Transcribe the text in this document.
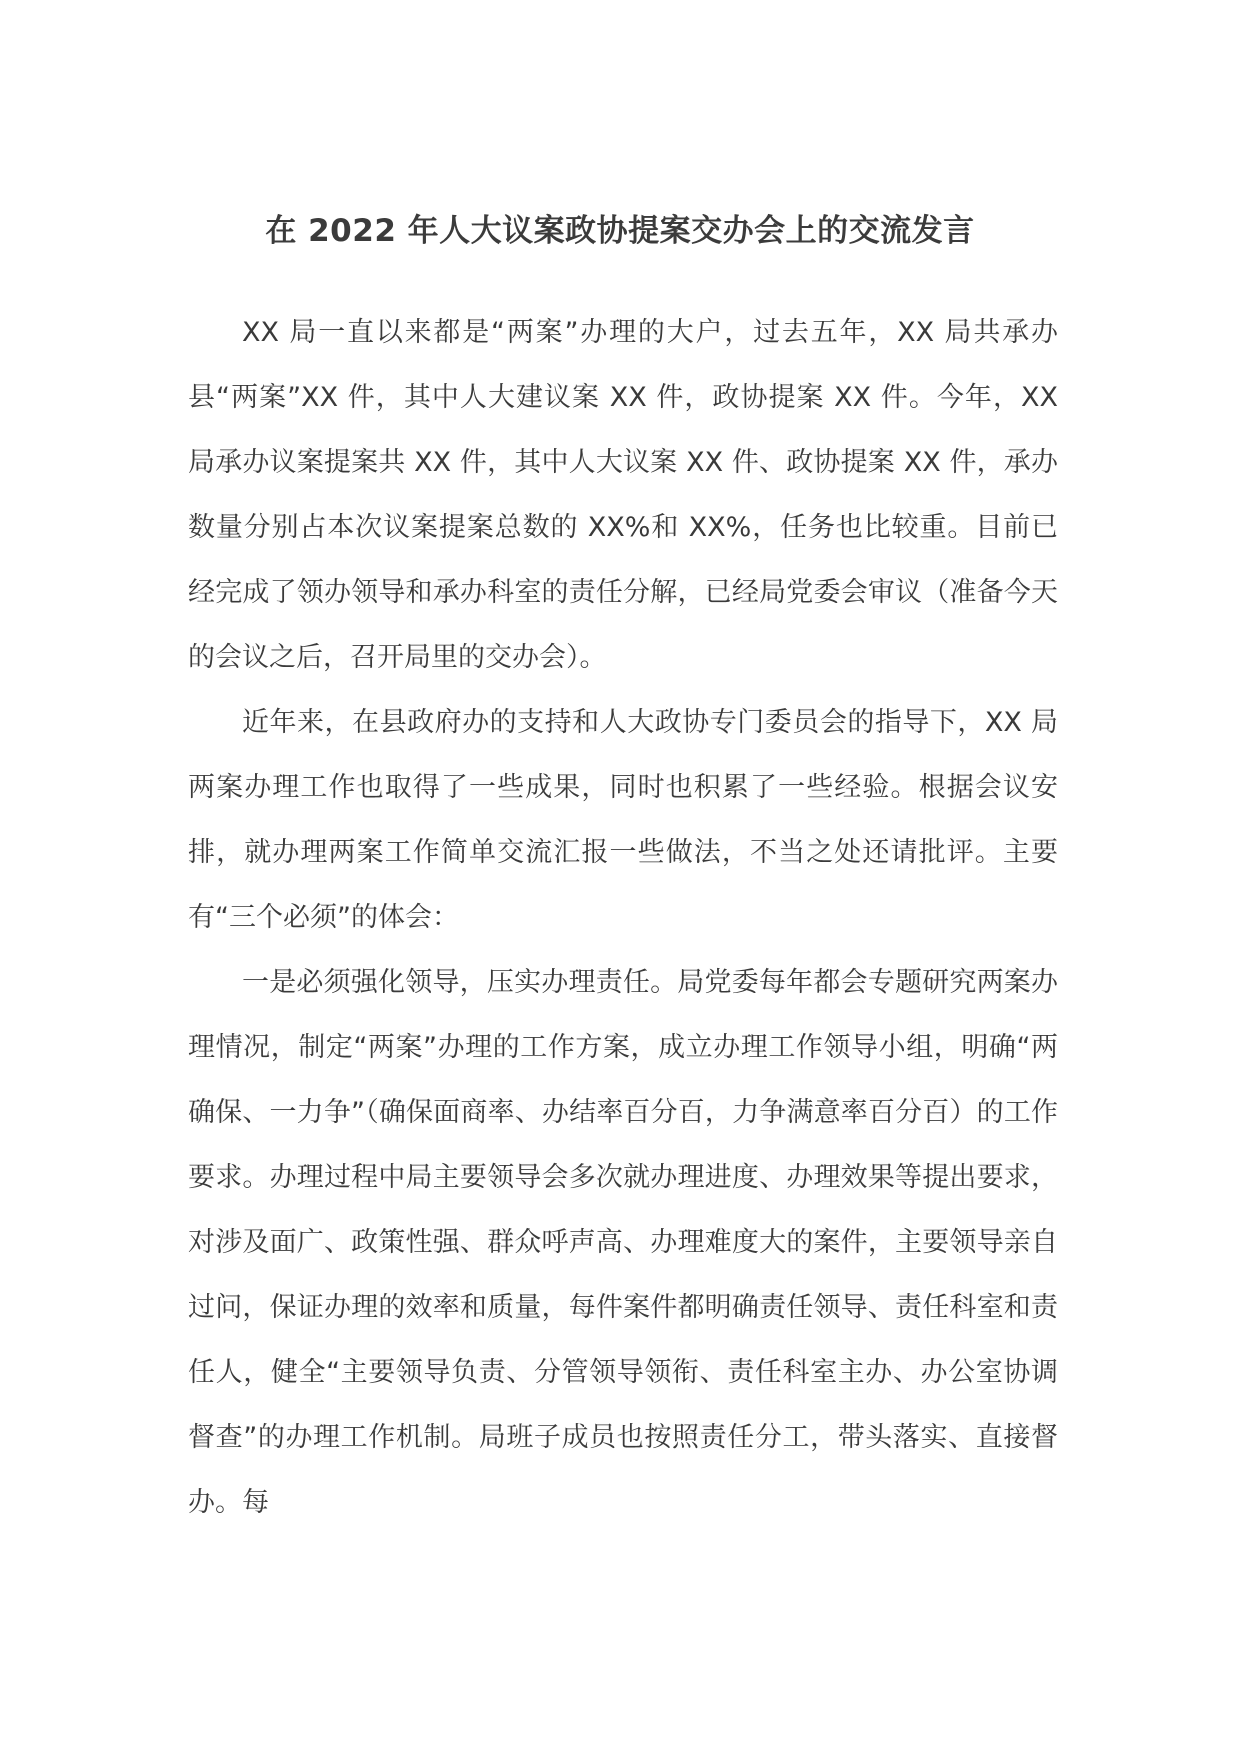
在 2022 年人大议案政协提案交办会上的交流发言

XX 局一直以来都是“两案”办理的大户，过去五年，XX 局共承办县“两案”XX 件，其中人大建议案 XX 件，政协提案 XX 件。今年，XX 局承办议案提案共 XX 件，其中人大议案 XX 件、政协提案 XX 件，承办数量分别占本次议案提案总数的 XX%和 XX%，任务也比较重。目前已经完成了领办领导和承办科室的责任分解，已经局党委会审议（准备今天的会议之后，召开局里的交办会）。

近年来，在县政府办的支持和人大政协专门委员会的指导下，XX 局两案办理工作也取得了一些成果，同时也积累了一些经验。根据会议安排，就办理两案工作简单交流汇报一些做法，不当之处还请批评。主要有“三个必须”的体会：

一是必须强化领导，压实办理责任。局党委每年都会专题研究两案办理情况，制定“两案”办理的工作方案，成立办理工作领导小组，明确“两确保、一力争”（确保面商率、办结率百分百，力争满意率百分百）的工作要求。办理过程中局主要领导会多次就办理进度、办理效果等提出要求，对涉及面广、政策性强、群众呼声高、办理难度大的案件，主要领导亲自过问，保证办理的效率和质量，每件案件都明确责任领导、责任科室和责任人，健全“主要领导负责、分管领导领衔、责任科室主办、办公室协调督查”的办理工作机制。局班子成员也按照责任分工，带头落实、直接督办。每
